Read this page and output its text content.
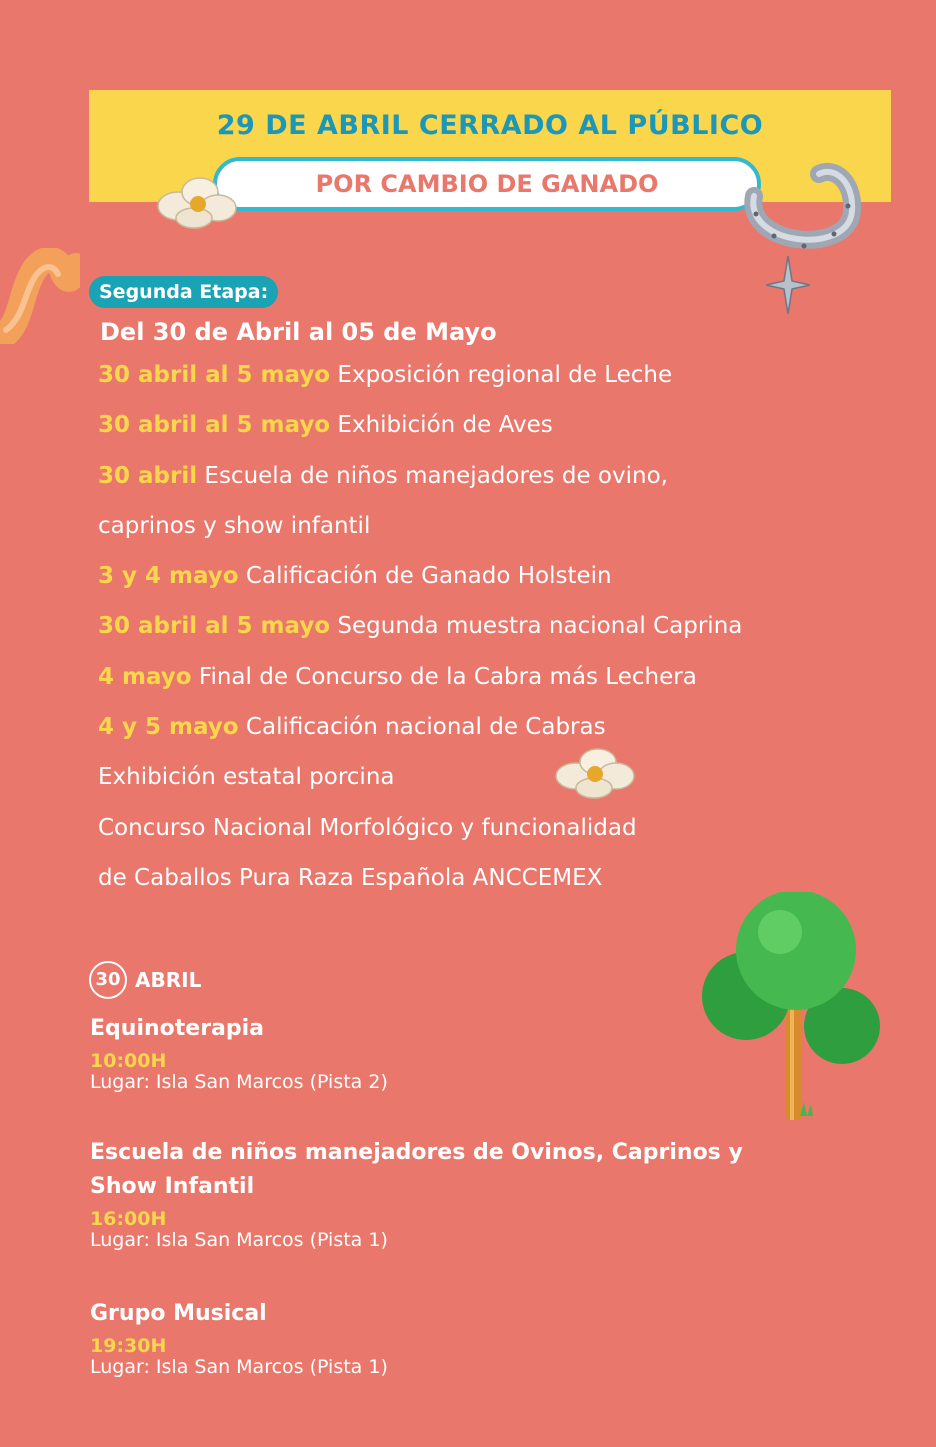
29 DE ABRIL CERRADO AL PÚBLICO
POR CAMBIO DE GANADO
Segunda Etapa:
Del 30 de Abril al 05 de Mayo
30 abril al 5 mayo Exposición regional de Leche
30 abril al 5 mayo Exhibición de Aves
30 abril Escuela de niños manejadores de ovino,
caprinos y show infantil
3 y 4 mayo Calificación de Ganado Holstein
30 abril al 5 mayo Segunda muestra nacional Caprina
4 mayo Final de Concurso de la Cabra más Lechera
4 y 5 mayo Calificación nacional de Cabras
Exhibición estatal porcina
Concurso Nacional Morfológico y funcionalidad
de Caballos Pura Raza Española ANCCEMEX
30 ABRIL
Equinoterapia
10:00H
Lugar: Isla San Marcos (Pista 2)
Escuela de niños manejadores de Ovinos, Caprinos y Show Infantil
16:00H
Lugar: Isla San Marcos (Pista 1)
Grupo Musical
19:30H
Lugar: Isla San Marcos (Pista 1)
